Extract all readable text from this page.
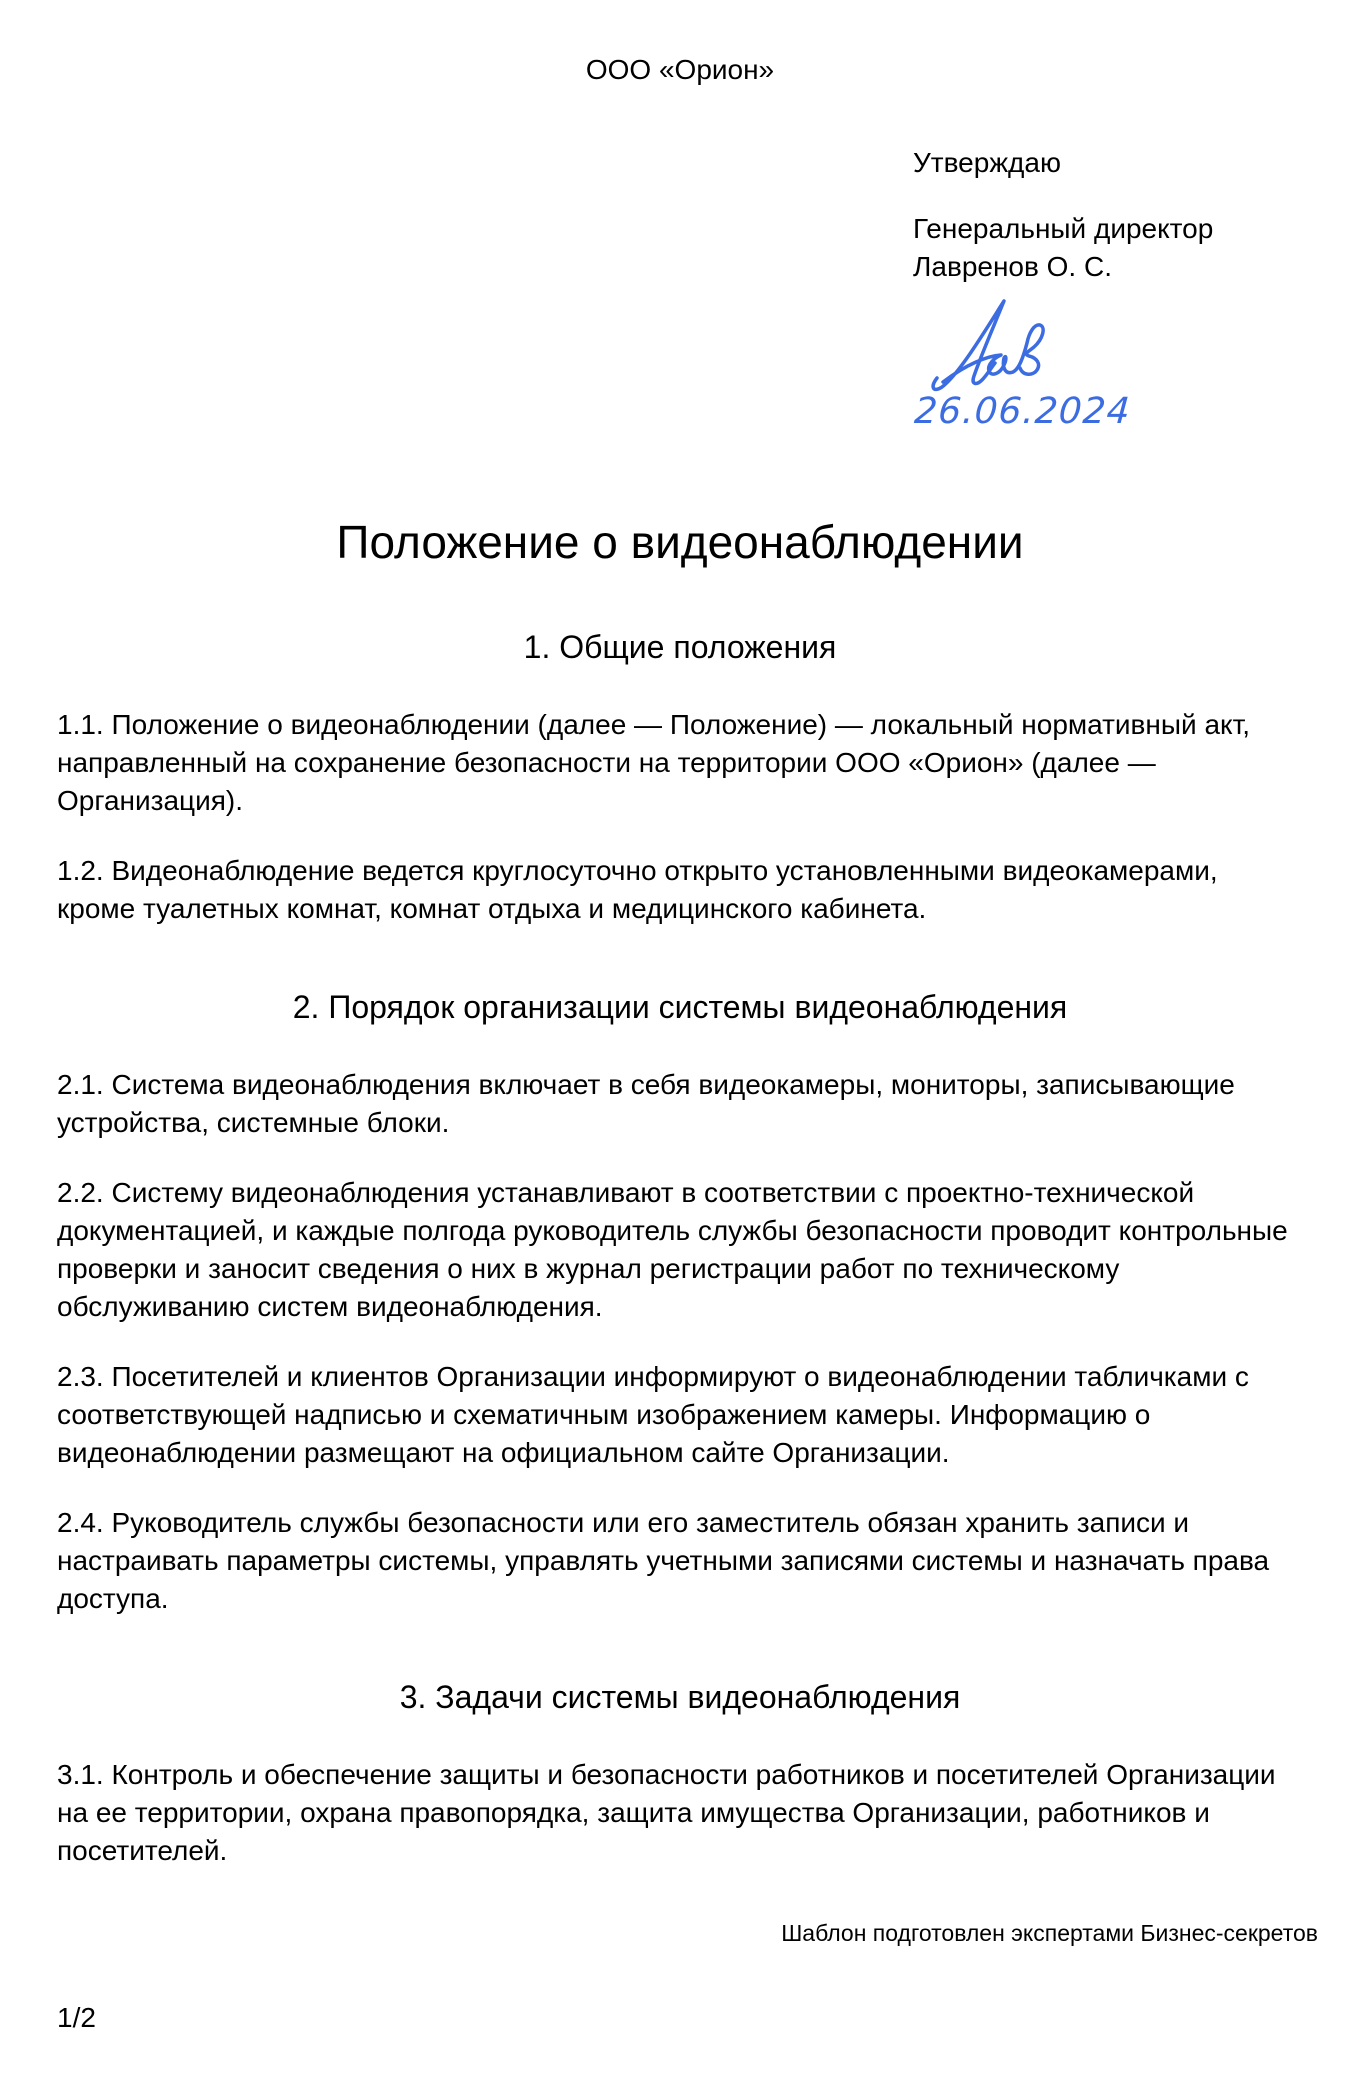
ООО «Орион»
Утверждаю
Генеральный директор
Лавренов О. С.
26.06.2024
Положение о видеонаблюдении
1. Общие положения

1.1. Положение о видеонаблюдении (далее — Положение) — локальный нормативный акт, направленный на сохранение безопасности на территории ООО «Орион» (далее — Организация).

1.2. Видеонаблюдение ведется круглосуточно открыто установленными видеокамерами, кроме туалетных комнат, комнат отдыха и медицинского кабинета.

2. Порядок организации системы видеонаблюдения

2.1. Система видеонаблюдения включает в себя видеокамеры, мониторы, записывающие устройства, системные блоки.

2.2. Систему видеонаблюдения устанавливают в соответствии с проектно-технической документацией, и каждые полгода руководитель службы безопасности проводит контрольные проверки и заносит сведения о них в журнал регистрации работ по техническому обслуживанию систем видеонаблюдения.

2.3. Посетителей и клиентов Организации информируют о видеонаблюдении табличками с соответствующей надписью и схематичным изображением камеры. Информацию о видеонаблюдении размещают на официальном сайте Организации.

2.4. Руководитель службы безопасности или его заместитель обязан хранить записи и настраивать параметры системы, управлять учетными записями системы и назначать права доступа.

3. Задачи системы видеонаблюдения

3.1. Контроль и обеспечение защиты и безопасности работников и посетителей Организации на ее территории, охрана правопорядка, защита имущества Организации, работников и посетителей.

Шаблон подготовлен экспертами Бизнес-секретов
1/2
